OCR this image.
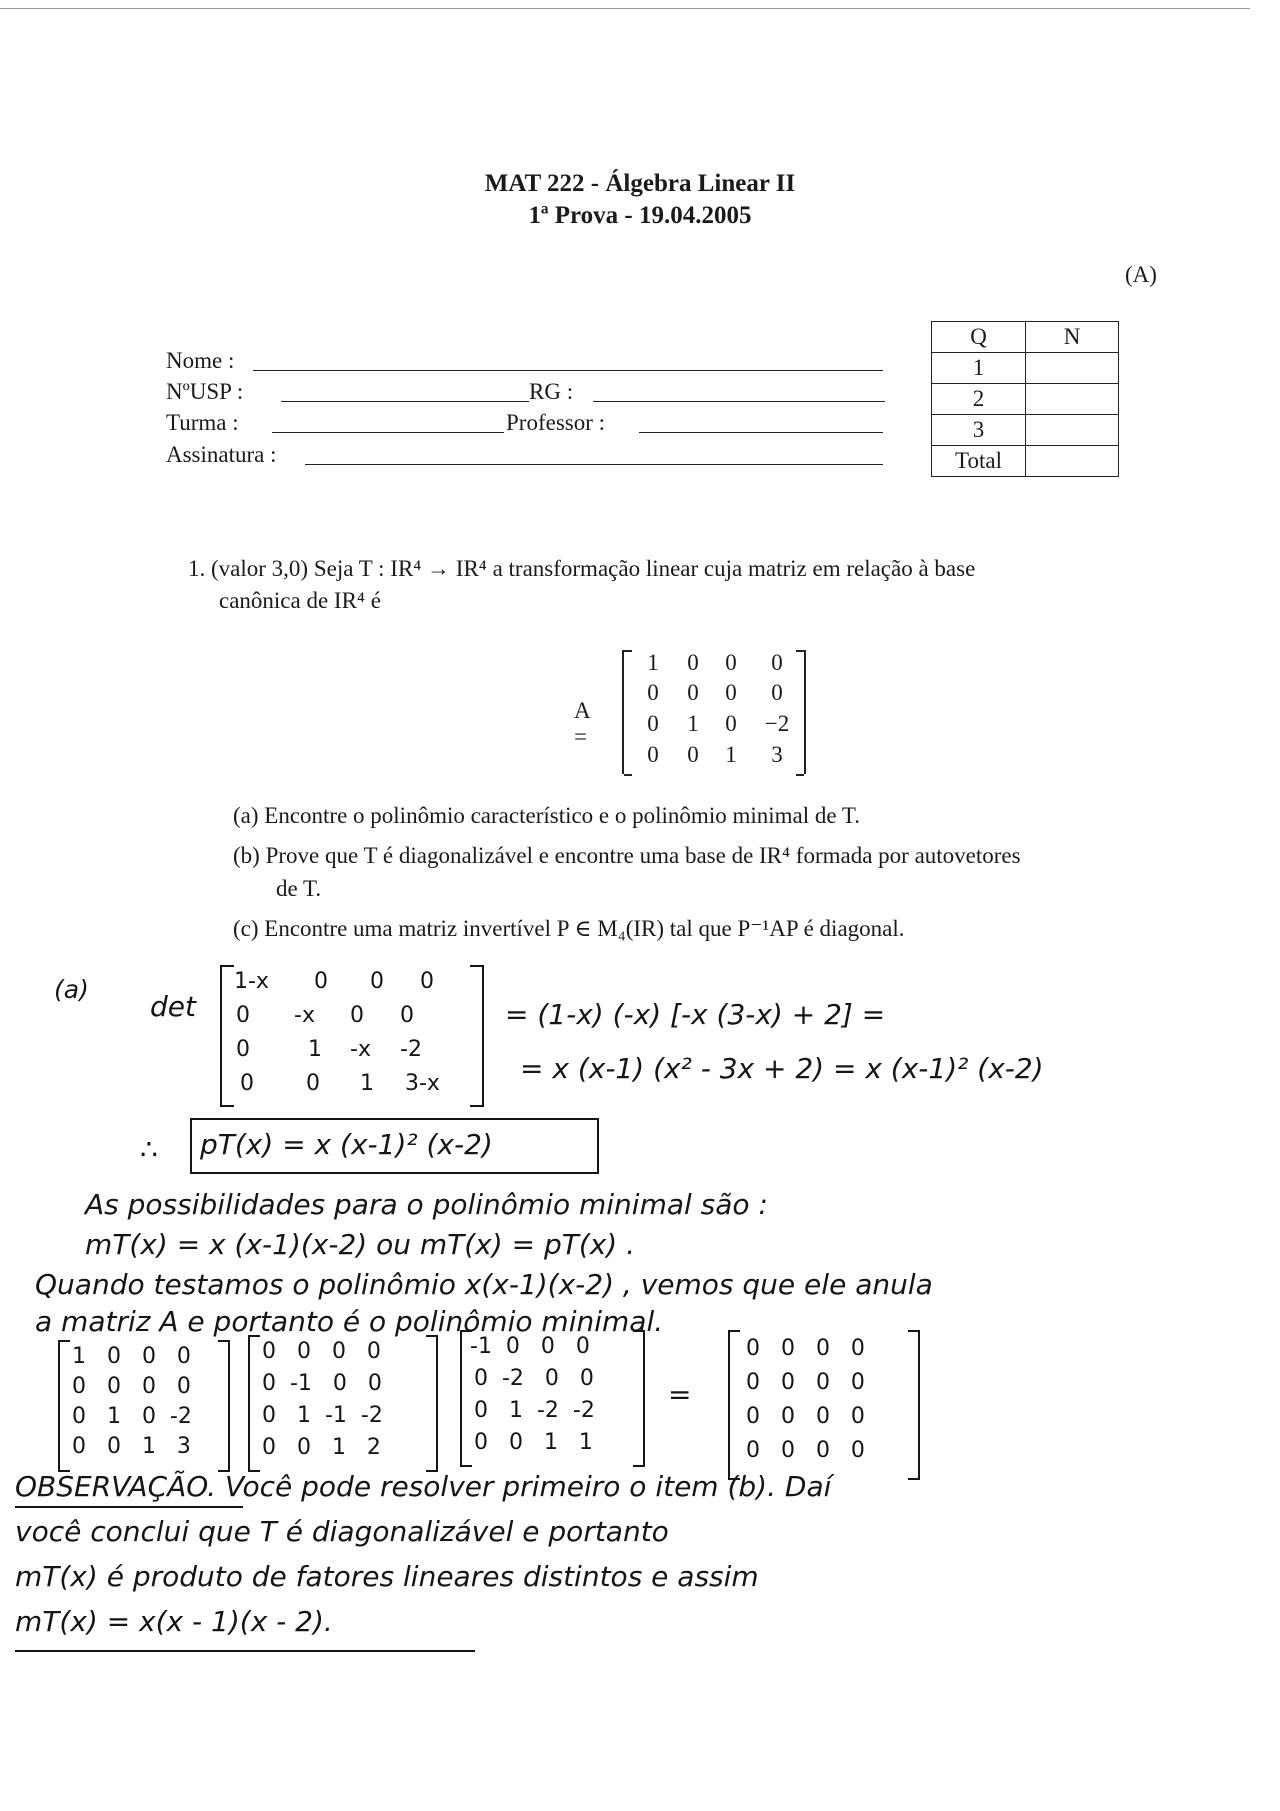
MAT 222 - Álgebra Linear II
1ª Prova - 19.04.2005
(A)
Nome :
NºUSP :	RG :
Turma :	Professor :
Assinatura :
Q	N
1	
2	
3	
Total	
1. (valor 3,0) Seja T : IR⁴ → IR⁴ a transformação linear cuja matriz em relação à base
canônica de IR⁴ é
A =
1	0	0	0
0	0	0	0
0	1	0	−2
0	0	1	3
(a) Encontre o polinômio característico e o polinômio minimal de T.
(b) Prove que T é diagonalizável e encontre uma base de IR⁴ formada por autovetores
de T.
(c) Encontre uma matriz invertível P ∈ M₄(IR) tal que P⁻¹AP é diagonal.
(a)
det
1-x 0 0 0
0 -x 0 0
0	1 -x -2
0 0 1 3-x
= (1-x) (-x) [-x (3-x) + 2] =
= x (x-1) (x² - 3x + 2) = x (x-1)² (x-2)
∴ pT(x) = x (x-1)² (x-2)
As possibilidades para o polinômio minimal são :
mT(x) = x (x-1)(x-2) ou mT(x) = pT(x) .
Quando testamos o polinômio x(x-1)(x-2) , vemos que ele anula
a matriz A e portanto é o polinômio minimal.
1   0   0   0
0   0   0   0
0   1   0  -2
0   0   1   3
0   0   0   0
0  -1   0   0
0   1  -1  -2
0   0   1   2
-1  0   0   0
0  -2   0   0
0   1  -2  -2
0   0   1   1
=
0   0   0   0
0   0   0   0
0   0   0   0
0   0   0   0
OBSERVAÇÃO. Você pode resolver primeiro o item (b). Daí
você conclui que T é diagonalizável e portanto
mT(x) é produto de fatores lineares distintos e assim
mT(x) = x(x - 1)(x - 2).
